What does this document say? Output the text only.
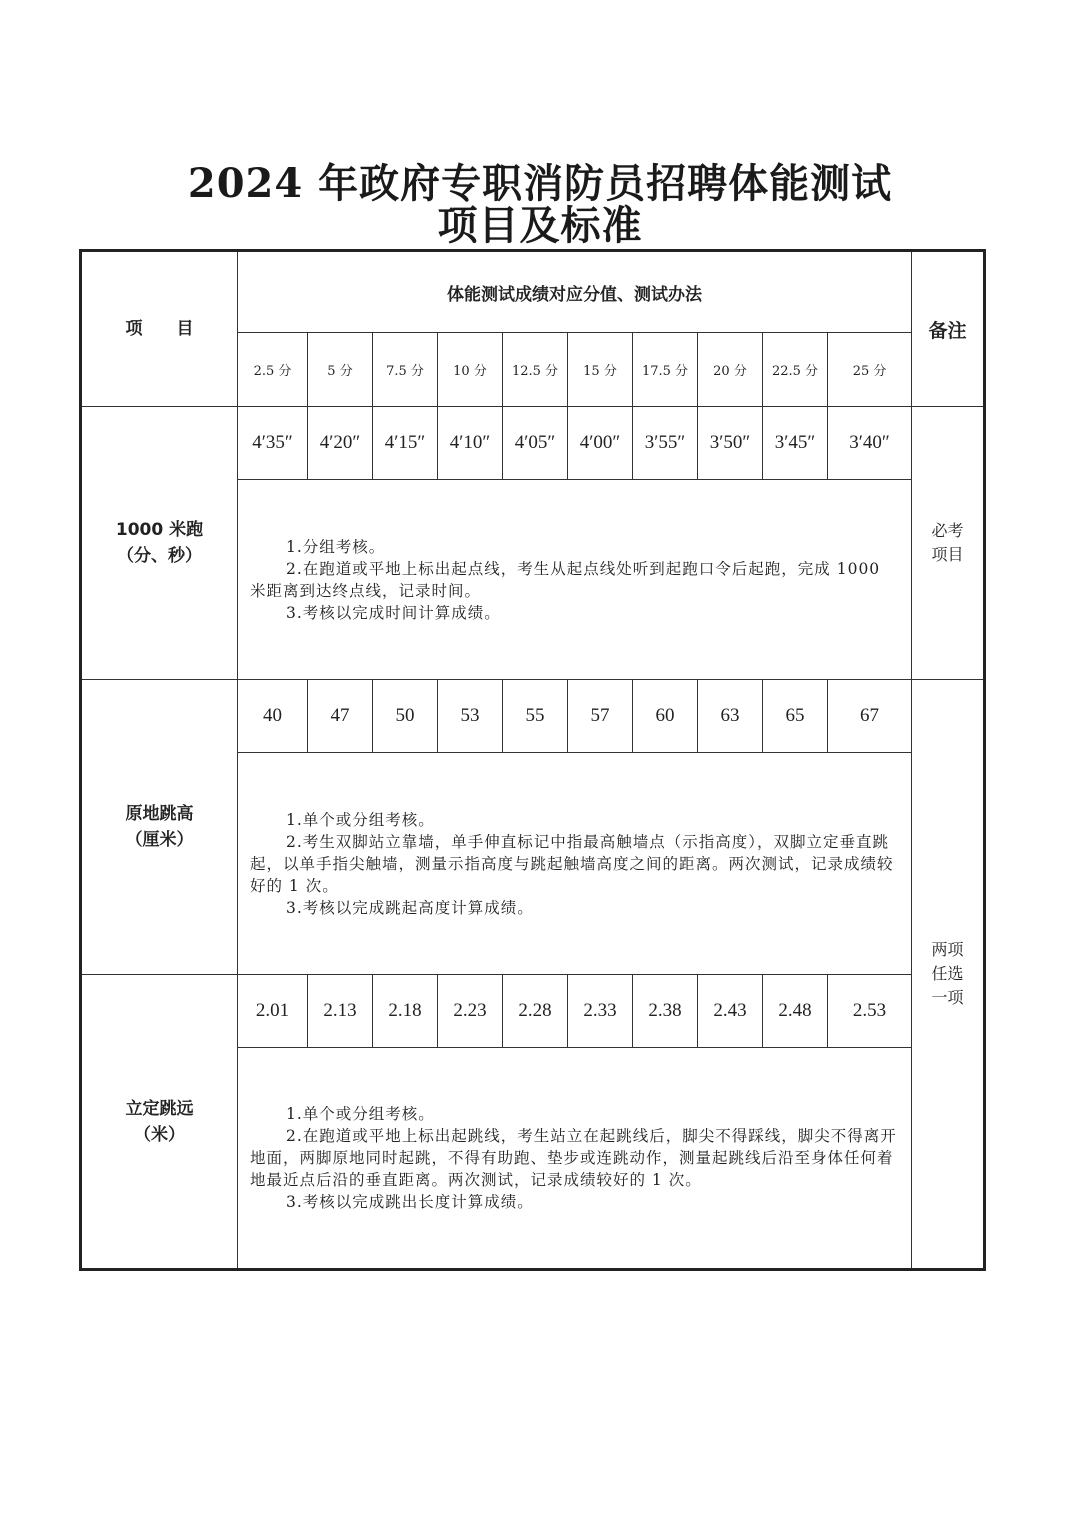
2024 年政府专职消防员招聘体能测试
项目及标准
项　　目	体能测试成绩对应分值、测试办法										备注
	2.5 分	5 分	7.5 分	10 分	12.5 分	15 分	17.5 分	20 分	22.5 分	25 分	

1000 米跑
（分、秒）	4′35″	4′20″	4′15″	4′10″	4′05″	4′00″	3′55″	3′50″	3′45″	3′40″	必考
项目

	1.分组考核。
2.在跑道或平地上标出起点线，考生从起点线处听到起跑口令后起跑，完成 1000 米距离到达终点线，记录时间。
3.考核以完成时间计算成绩。										

原地跳高
（厘米）	40	47	50	53	55	57	60	63	65	67	两项
任选
一项

	1.单个或分组考核。
2.考生双脚站立靠墙，单手伸直标记中指最高触墙点（示指高度），双脚立定垂直跳起，以单手指尖触墙，测量示指高度与跳起触墙高度之间的距离。两次测试，记录成绩较好的 1 次。
3.考核以完成跳起高度计算成绩。										

立定跳远
（米）	2.01	2.13	2.18	2.23	2.28	2.33	2.38	2.43	2.48	2.53	

	1.单个或分组考核。
2.在跑道或平地上标出起跳线，考生站立在起跳线后，脚尖不得踩线，脚尖不得离开地面，两脚原地同时起跳，不得有助跑、垫步或连跳动作，测量起跳线后沿至身体任何着地最近点后沿的垂直距离。两次测试，记录成绩较好的 1 次。
3.考核以完成跳出长度计算成绩。										
